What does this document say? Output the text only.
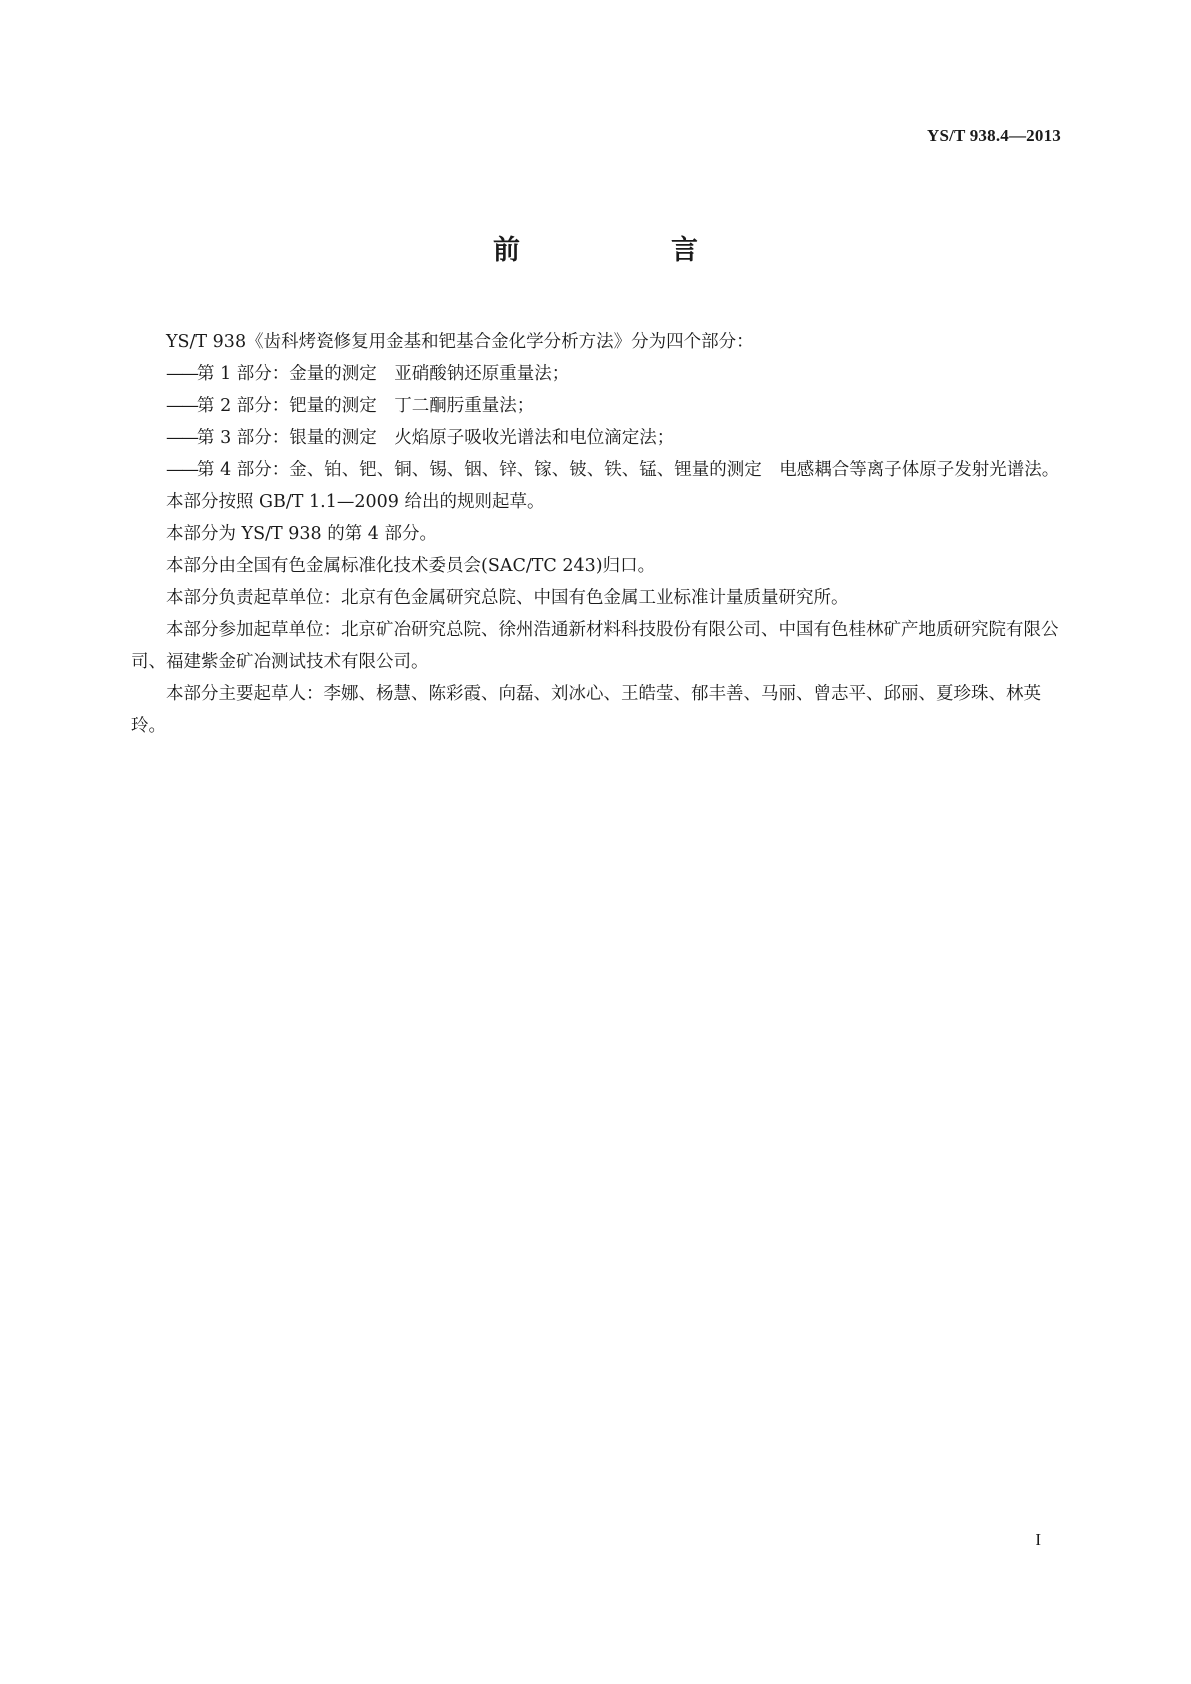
YS/T 938.4—2013
前　言

YS/T 938《齿科烤瓷修复用金基和钯基合金化学分析方法》分为四个部分：

——第 1 部分：金量的测定　亚硝酸钠还原重量法；

——第 2 部分：钯量的测定　丁二酮肟重量法；

——第 3 部分：银量的测定　火焰原子吸收光谱法和电位滴定法；

——第 4 部分：金、铂、钯、铜、锡、铟、锌、镓、铍、铁、锰、锂量的测定　电感耦合等离子体原子发射光谱法。

本部分按照 GB/T 1.1—2009 给出的规则起草。

本部分为 YS/T 938 的第 4 部分。

本部分由全国有色金属标准化技术委员会(SAC/TC 243)归口。

本部分负责起草单位：北京有色金属研究总院、中国有色金属工业标准计量质量研究所。

本部分参加起草单位：北京矿冶研究总院、徐州浩通新材料科技股份有限公司、中国有色桂林矿产地质研究院有限公司、福建紫金矿冶测试技术有限公司。

本部分主要起草人：李娜、杨慧、陈彩霞、向磊、刘冰心、王皓莹、郁丰善、马丽、曾志平、邱丽、夏珍珠、林英玲。

I
